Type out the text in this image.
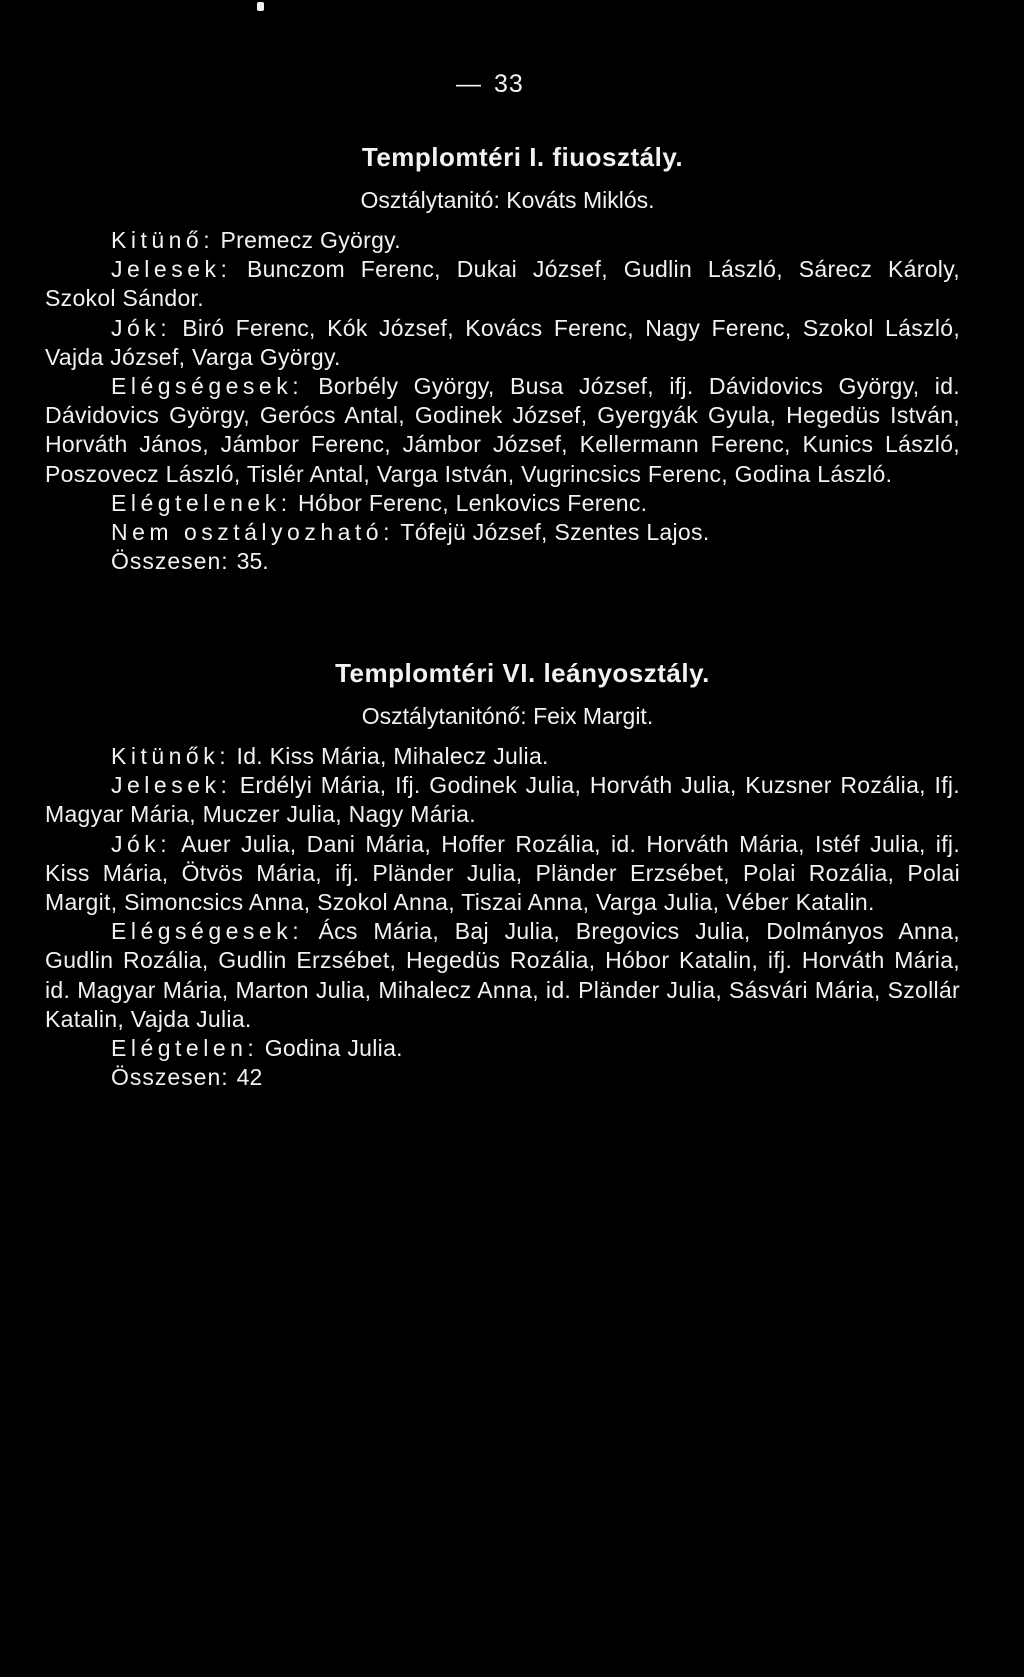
— 33
Templomtéri I. fiuosztály.
Osztálytanitó: Kováts Miklós.

Kitünő: Premecz György.

Jelesek: Bunczom Ferenc, Dukai József, Gudlin László, Sárecz Károly, Szokol Sándor.

Jók: Biró Ferenc, Kók József, Kovács Ferenc, Nagy Ferenc, Szokol László, Vajda József, Varga György.

Elégségesek: Borbély György, Busa József, ifj. Dávidovics György, id. Dávidovics György, Gerócs Antal, Godinek József, Gyergyák Gyula, Hegedüs István, Horváth János, Jámbor Ferenc, Jámbor József, Kellermann Ferenc, Kunics László, Poszovecz László, Tislér Antal, Varga István, Vugrincsics Ferenc, Godina László.

Elégtelenek: Hóbor Ferenc, Lenkovics Ferenc.

Nem osztályozható: Tófejü József, Szentes Lajos.

Összesen: 35.

Templomtéri VI. leányosztály.
Osztálytanitónő: Feix Margit.

Kitünők: Id. Kiss Mária, Mihalecz Julia.

Jelesek: Erdélyi Mária, Ifj. Godinek Julia, Horváth Julia, Kuzsner Rozália, Ifj. Magyar Mária, Muczer Julia, Nagy Mária.

Jók: Auer Julia, Dani Mária, Hoffer Rozália, id. Horváth Mária, Istéf Julia, ifj. Kiss Mária, Ötvös Mária, ifj. Pländer Julia, Pländer Erzsébet, Polai Rozália, Polai Margit, Simoncsics Anna, Szokol Anna, Tiszai Anna, Varga Julia, Véber Katalin.

Elégségesek: Ács Mária, Baj Julia, Bregovics Julia, Dolmányos Anna, Gudlin Rozália, Gudlin Erzsébet, Hegedüs Rozália, Hóbor Katalin, ifj. Horváth Mária, id. Magyar Mária, Marton Julia, Mihalecz Anna, id. Pländer Julia, Sásvári Mária, Szollár Katalin, Vajda Julia.

Elégtelen: Godina Julia.

Összesen: 42
